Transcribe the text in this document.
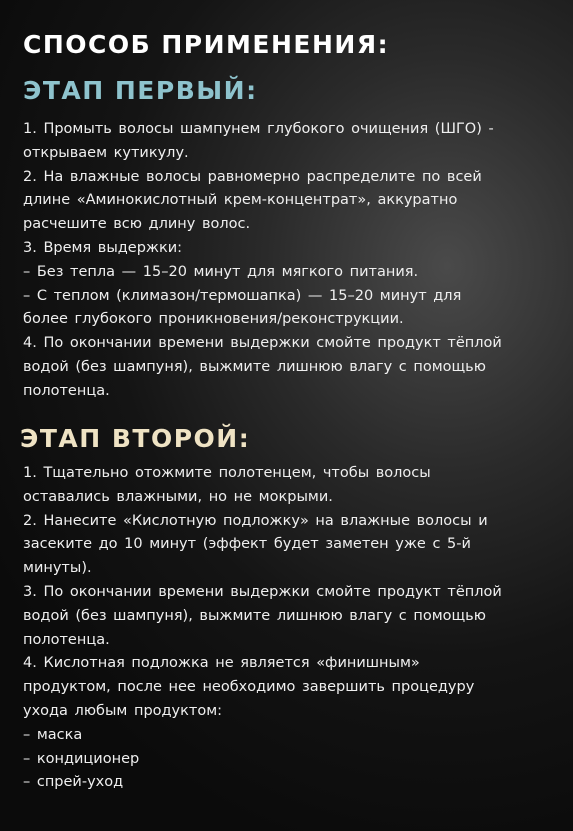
СПОСОБ ПРИМЕНЕНИЯ:
ЭТАП ПЕРВЫЙ:

1. Промыть волосы шампунем глубокого очищения (ШГО) -

открываем кутикулу.

2. На влажные волосы равномерно распределите по всей

длине «Аминокислотный крем-концентрат», аккуратно

расчешите всю длину волос.

3. Время выдержки:

– Без тепла — 15–20 минут для мягкого питания.

– С теплом (климазон/термошапка) — 15–20 минут для

более глубокого проникновения/реконструкции.

4. По окончании времени выдержки смойте продукт тёплой

водой (без шампуня), выжмите лишнюю влагу с помощью

полотенца.

ЭТАП ВТОРОЙ:

1. Тщательно отожмите полотенцем, чтобы волосы

оставались влажными, но не мокрыми.

2. Нанесите «Кислотную подложку» на влажные волосы и

засеките до 10 минут (эффект будет заметен уже с 5-й

минуты).

3. По окончании времени выдержки смойте продукт тёплой

водой (без шампуня), выжмите лишнюю влагу с помощью

полотенца.

4. Кислотная подложка не является «финишным»

продуктом, после нее необходимо завершить процедуру

ухода любым продуктом:

– маска

– кондиционер

– спрей-уход
